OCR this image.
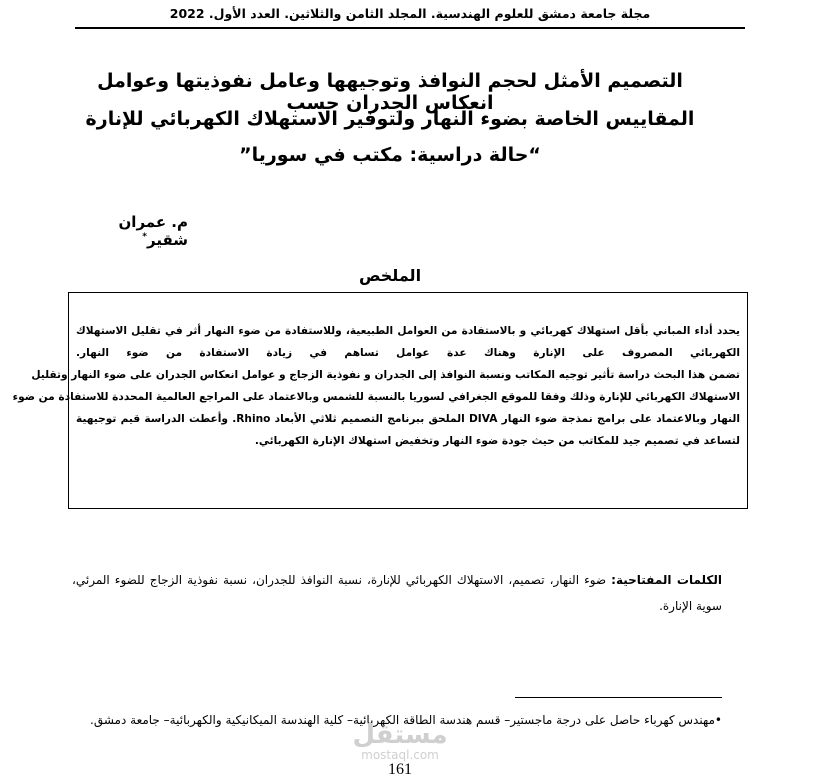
مجلة جامعة دمشق للعلوم الهندسية. المجلد الثامن والثلاثين. العدد الأول. 2022
التصميم الأمثل لحجم النوافذ وتوجيهها وعامل نفوذيتها وعوامل انعكاس الجدران حسب
المقاييس الخاصة بضوء النهار ولتوفير الاستهلاك الكهربائي للإنارة
“حالة دراسية: مكتب في سوريا”
م. عمران شقير*
الملخص
يحدد أداء المباني بأقل استهلاك كهربائي و بالاستفادة من العوامل الطبيعية، وللاستفادة من ضوء النهار أثر في تقليل الاستهلاك
الكهربائي المصروف على الإنارة وهناك عدة عوامل تساهم في زيادة الاستفادة من ضوء النهار.
تضمن هذا البحث دراسة تأثير توجيه المكاتب ونسبة النوافذ إلى الجدران و نفوذية الزجاج و عوامل انعكاس الجدران على ضوء النهار وتقليل
الاستهلاك الكهربائي للإنارة وذلك وفقا للموقع الجغرافي لسوريا بالنسبة للشمس وبالاعتماد على المراجع العالمية المحددة للاستفادة من ضوء
النهار وبالاعتماد على برامج نمذجة ضوء النهار DIVA الملحق ببرنامج التصميم ثلاثي الأبعاد Rhino. وأعطت الدراسة قيم توجيهية
لتساعد في تصميم جيد للمكاتب من حيث جودة ضوء النهار وتخفيض استهلاك الإنارة الكهربائي.
الكلمات المفتاحية: ضوء النهار، تصميم، الاستهلاك الكهربائي للإنارة، نسبة النوافذ للجدران، نسبة نفوذية الزجاج للضوء المرئي، سوية الإنارة.
•مهندس كهرباء حاصل على درجة ماجستير– قسم هندسة الطاقة الكهربائية– كلية الهندسة الميكانيكية والكهربائية– جامعة دمشق.
مستقل
mostaql.com
161
